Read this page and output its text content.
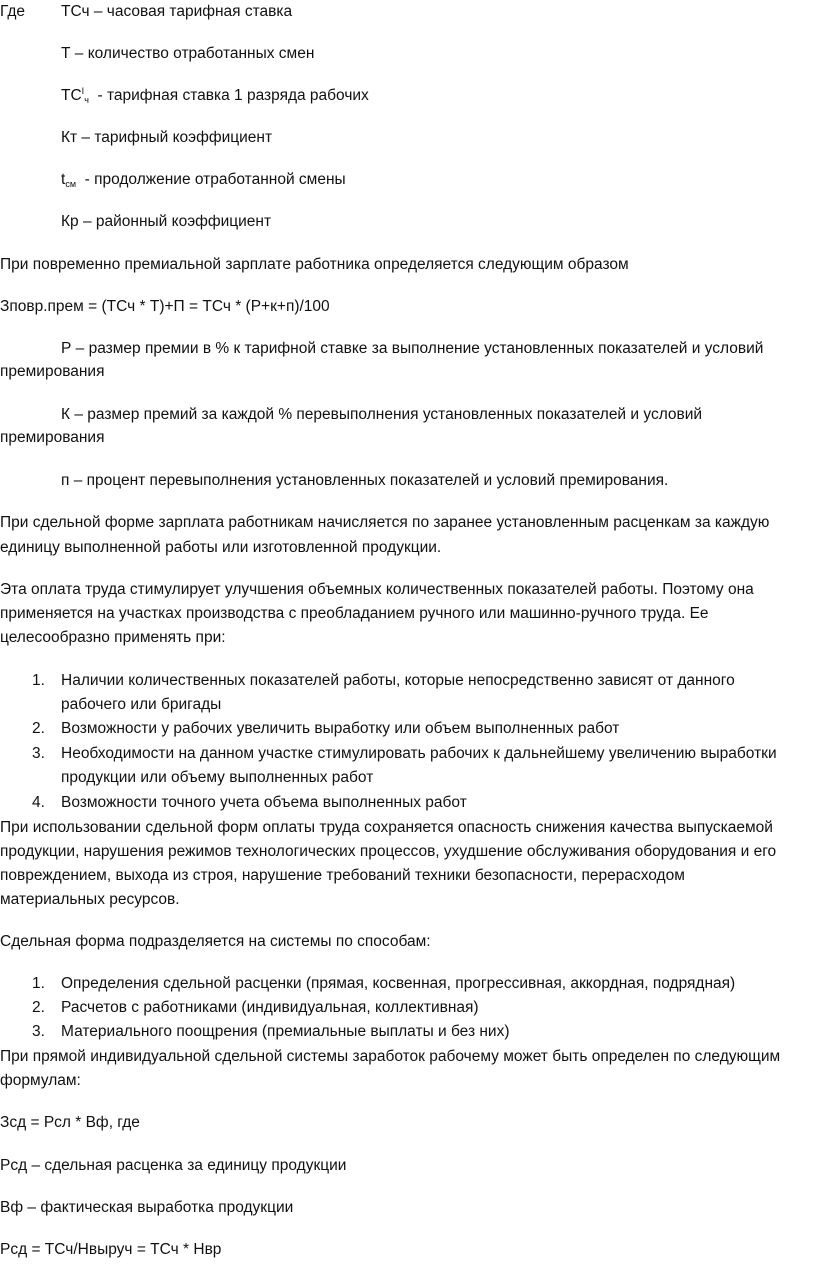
Где ТСч – часовая тарифная ставка
Т – количество отработанных смен
$ТС^Iч$ - тарифная ставка 1 разряда рабочих
Кт – тарифный коэффициент
tсм - продолжение отработанной смены
Кр – районный коэффициент
При повременно премиальной зарплате работника определяется следующим образом
Зповр.прем = (ТСч * Т)+П = ТСч * (Р+к+п)/100
Р – размер премии в % к тарифной ставке за выполнение установленных показателей и условий
премирования
К – размер премий за каждой % перевыполнения установленных показателей и условий
премирования
п – процент перевыполнения установленных показателей и условий премирования.
При сдельной форме зарплата работникам начисляется по заранее установленным расценкам за каждую
единицу выполненной работы или изготовленной продукции.
Эта оплата труда стимулирует улучшения объемных количественных показателей работы. Поэтому она
применяется на участках производства с преобладанием ручного или машинно-ручного труда. Ее
целесообразно применять при:
1. Наличии количественных показателей работы, которые непосредственно зависят от данного
рабочего или бригады
2. Возможности у рабочих увеличить выработку или объем выполненных работ
3. Необходимости на данном участке стимулировать рабочих к дальнейшему увеличению выработки
продукции или объему выполненных работ
4. Возможности точного учета объема выполненных работ
При использовании сдельной форм оплаты труда сохраняется опасность снижения качества выпускаемой
продукции, нарушения режимов технологических процессов, ухудшение обслуживания оборудования и его
повреждением, выхода из строя, нарушение требований техники безопасности, перерасходом
материальных ресурсов.
Сдельная форма подразделяется на системы по способам:
1. Определения сдельной расценки (прямая, косвенная, прогрессивная, аккордная, подрядная)
2. Расчетов с работниками (индивидуальная, коллективная)
3. Материального поощрения (премиальные выплаты и без них)
При прямой индивидуальной сдельной системы заработок рабочему может быть определен по следующим
формулам:
Зсд = Рсл * Вф, где
Рсд – сдельная расценка за единицу продукции
Вф – фактическая выработка продукции
Рсд = ТСч/Нвыруч = ТСч * Нвр
